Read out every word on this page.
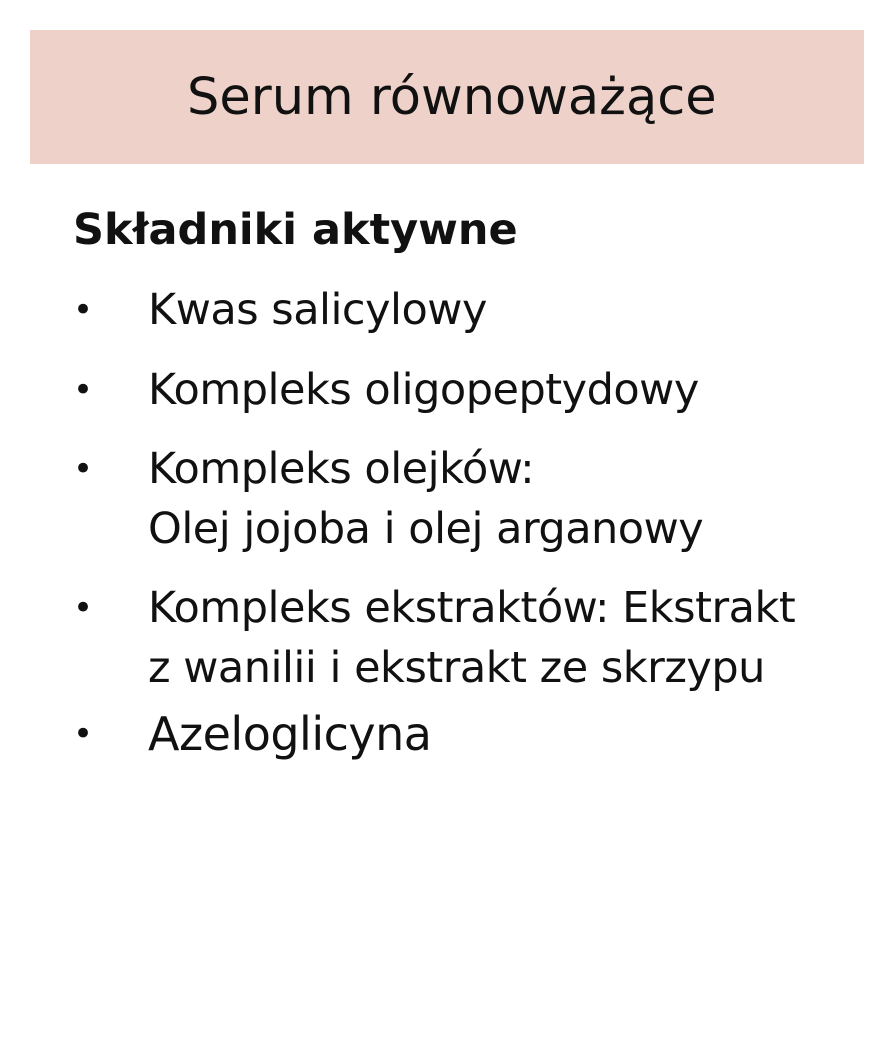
Serum równoważące
Składniki aktywne
• Kwas salicylowy
• Kompleks oligopeptydowy
• Kompleks olejków:
Olej jojoba i olej arganowy
• Kompleks ekstraktów: Ekstrakt
z wanilii i ekstrakt ze skrzypu
• Azeloglicyna
